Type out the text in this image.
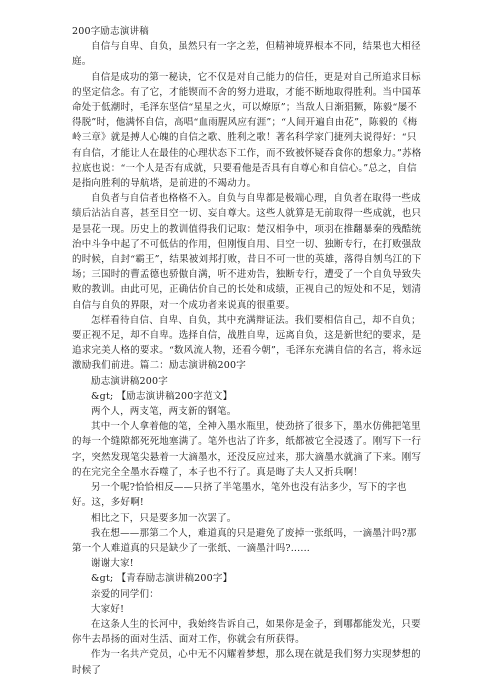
200字励志演讲稿

自信与自卑、自负，虽然只有一字之差，但精神境界根本不同，结果也大相径庭。

自信是成功的第一秘诀，它不仅是对自己能力的信任，更是对自己所追求目标的坚定信念。有了它，才能锲而不舍的努力进取，才能不断地取得胜利。当中国革命处于低潮时，毛泽东坚信“星星之火，可以燎原”；当敌人日渐猖獗，陈毅“屡不得脱”时，他满怀自信，高唱“血雨腥风应有涯”；“人间开遍自由花”，陈毅的《梅岭三章》就是搏人心魄的自信之歌、胜利之歌！著名科学家门捷列夫说得好：“只有自信，才能让人在最佳的心理状态下工作，而不致被怀疑吞食你的想象力。”苏格拉底也说：“一个人是否有成就，只要看他是否具有自尊心和自信心。”总之，自信是指向胜利的导航塔，是前进的不竭动力。

自负者与自信者也格格不入。自负与自卑都是极端心理，自负者在取得一些成绩后沾沾自喜，甚至目空一切、妄自尊大。这些人就算是无前取得一些成就，也只是昙花一现。历史上的教训值得我们记取：楚汉相争中，项羽在推翻暴秦的残酷统治中斗争中起了不可低估的作用，但刚愎自用、目空一切、独断专行，在打败强敌的时候，自封“霸王”，结果被刘邦打败，昔日不可一世的英雄，落得自刎乌江的下场；三国时的曹孟德也骄傲自满，听不进劝告，独断专行，遭受了一个自负导致失败的教训。由此可见，正确估价自己的长处和成绩，正视自己的短处和不足，划清自信与自负的界限，对一个成功者来说真的很重要。

怎样看待自信、自卑、自负，其中充满辩证法。我们要相信自己，却不自负；要正视不足，却不自卑。选择自信，战胜自卑，远离自负，这是新世纪的要求，是追求完美人格的要求。“数风流人物，还看今朝”，毛泽东充满自信的名言，将永远激励我们前进。篇二：励志演讲稿200字

励志演讲稿200字

&gt; 【励志演讲稿200字范文】

两个人，两支笔，两支新的钢笔。

其中一个人拿着他的笔，全神入墨水瓶里，使劲挤了很多下，墨水仿佛把笔里的每一个缝隙都死死地塞满了。笔外也沾了许多，纸都被它全浸透了。刚写下一行字，突然发现笔尖悬着一大滴墨水，还没反应过来，那大滴墨水就滴了下来。刚写的在完完全全墨水吞噬了，本子也不行了。真是晦了夫人又折兵啊！

另一个呢?恰恰相反——只挤了半笔墨水，笔外也没有沾多少，写下的字也好。这，多好啊!

相比之下，只是要多加一次罢了。

我在想——那第二个人，难道真的只是避免了废掉一张纸吗，一滴墨汁吗?那第一个人难道真的只是缺少了一张纸、一滴墨汁吗?......

谢谢大家!

&gt; 【青春励志演讲稿200字】

亲爱的同学们：

大家好!

在这条人生的长河中，我始终告诉自己，如果你是金子，到哪都能发光，只要你牛去昂扬的面对生活、面对工作，你就会有所获得。

作为一名共产党员，心中无不闪耀着梦想，那么现在就是我们努力实现梦想的时候了
